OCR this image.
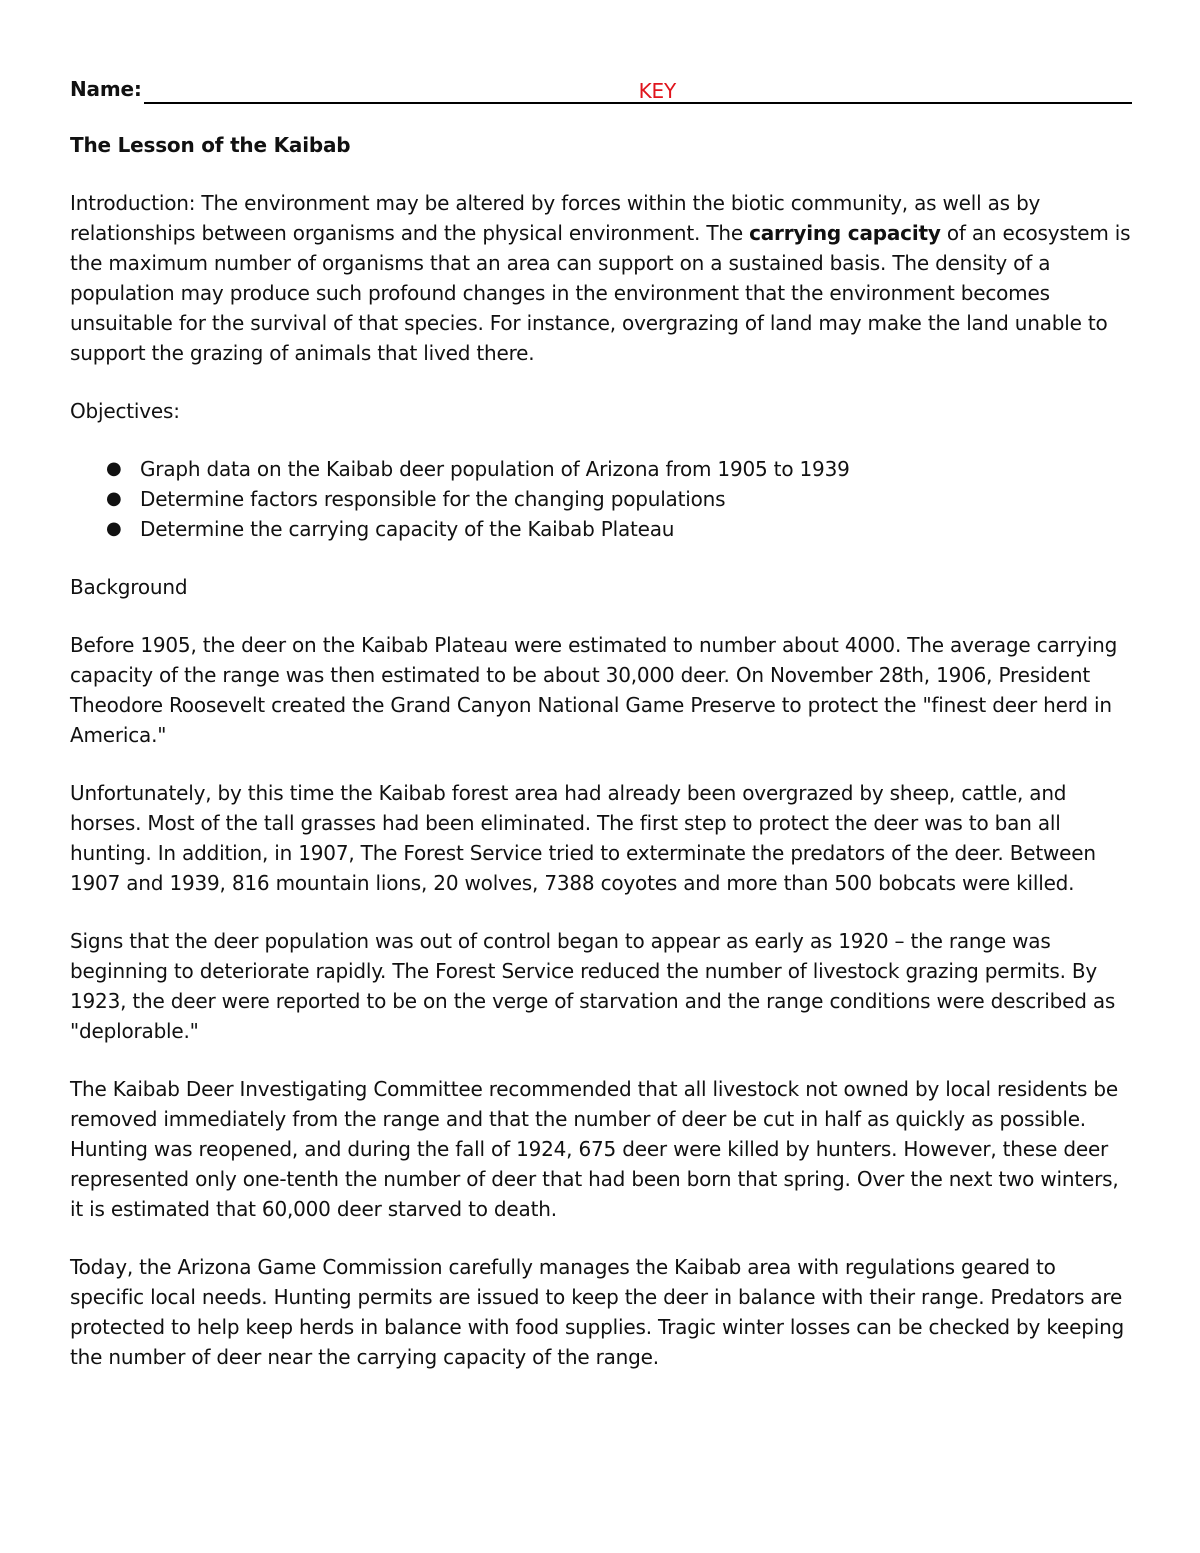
Name:	KEY
The Lesson of the Kaibab

Introduction: The environment may be altered by forces within the biotic community, as well as by relationships between organisms and the physical environment. The carrying capacity of an ecosystem is the maximum number of organisms that an area can support on a sustained basis. The density of a population may produce such profound changes in the environment that the environment becomes unsuitable for the survival of that species. For instance, overgrazing of land may make the land unable to support the grazing of animals that lived there.

Objectives:
● Graph data on the Kaibab deer population of Arizona from 1905 to 1939
● Determine factors responsible for the changing populations
● Determine the carrying capacity of the Kaibab Plateau
Background

Before 1905, the deer on the Kaibab Plateau were estimated to number about 4000. The average carrying capacity of the range was then estimated to be about 30,000 deer. On November 28th, 1906, President Theodore Roosevelt created the Grand Canyon National Game Preserve to protect the "finest deer herd in America."

Unfortunately, by this time the Kaibab forest area had already been overgrazed by sheep, cattle, and horses. Most of the tall grasses had been eliminated. The first step to protect the deer was to ban all hunting. In addition, in 1907, The Forest Service tried to exterminate the predators of the deer. Between 1907 and 1939, 816 mountain lions, 20 wolves, 7388 coyotes and more than 500 bobcats were killed.

Signs that the deer population was out of control began to appear as early as 1920 – the range was beginning to deteriorate rapidly. The Forest Service reduced the number of livestock grazing permits. By 1923, the deer were reported to be on the verge of starvation and the range conditions were described as "deplorable."

The Kaibab Deer Investigating Committee recommended that all livestock not owned by local residents be removed immediately from the range and that the number of deer be cut in half as quickly as possible. Hunting was reopened, and during the fall of 1924, 675 deer were killed by hunters. However, these deer represented only one-tenth the number of deer that had been born that spring. Over the next two winters, it is estimated that 60,000 deer starved to death.

Today, the Arizona Game Commission carefully manages the Kaibab area with regulations geared to specific local needs. Hunting permits are issued to keep the deer in balance with their range. Predators are protected to help keep herds in balance with food supplies. Tragic winter losses can be checked by keeping the number of deer near the carrying capacity of the range.
